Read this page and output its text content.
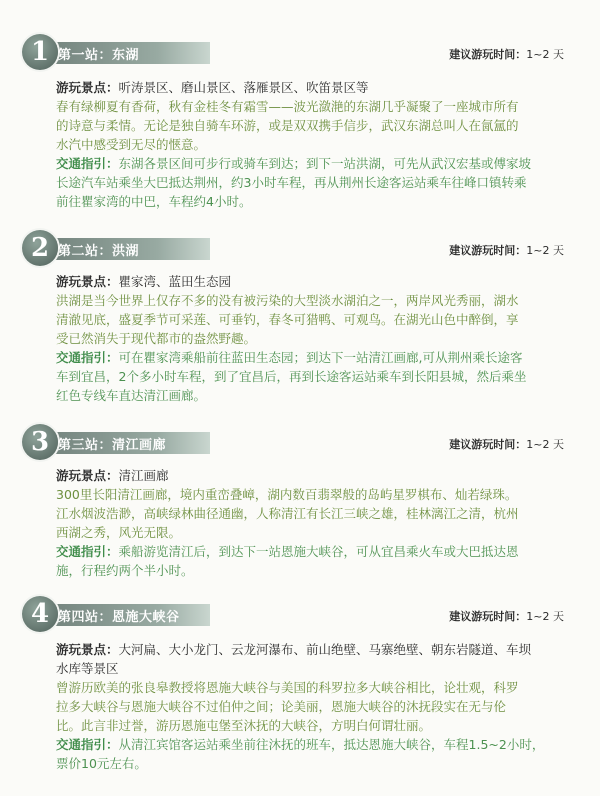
1 第一站：东湖	建议游玩时间：1~2 天
游玩景点：听涛景区、磨山景区、落雁景区、吹笛景区等
春有绿柳夏有香荷，秋有金桂冬有霜雪——波光潋滟的东湖几乎凝聚了一座城市所有
的诗意与柔情。无论是独自骑车环游，或是双双携手信步，武汉东湖总叫人在氤氲的
水汽中感受到无尽的惬意。
交通指引：东湖各景区间可步行或骑车到达；到下一站洪湖，可先从武汉宏基或傅家坡
长途汽车站乘坐大巴抵达荆州，约3小时车程，再从荆州长途客运站乘车往峰口镇转乘
前往瞿家湾的中巴，车程约4小时。
2 第二站：洪湖	建议游玩时间：1~2 天
游玩景点：瞿家湾、蓝田生态园
洪湖是当今世界上仅存不多的没有被污染的大型淡水湖泊之一，两岸风光秀丽，湖水
清澈见底，盛夏季节可采莲、可垂钓，春冬可猎鸭、可观鸟。在湖光山色中醉倒，享
受已然消失于现代都市的盎然野趣。
交通指引：可在瞿家湾乘船前往蓝田生态园；到达下一站清江画廊,可从荆州乘长途客
车到宜昌，2个多小时车程，到了宜昌后，再到长途客运站乘车到长阳县城，然后乘坐
红色专线车直达清江画廊。
3 第三站：清江画廊	建议游玩时间：1~2 天
游玩景点：清江画廊
300里长阳清江画廊，境内重峦叠嶂，湖内数百翡翠般的岛屿星罗棋布、灿若绿珠。
江水烟波浩渺，高峡绿林曲径通幽，人称清江有长江三峡之雄，桂林漓江之清，杭州
西湖之秀，风光无限。
交通指引：乘船游览清江后，到达下一站恩施大峡谷，可从宜昌乘火车或大巴抵达恩
施，行程约两个半小时。
4 第四站：恩施大峡谷	建议游玩时间：1~2 天
游玩景点：大河扁、大小龙门、云龙河瀑布、前山绝壁、马寨绝壁、朝东岩隧道、车坝
水库等景区
曾游历欧美的张良皋教授将恩施大峡谷与美国的科罗拉多大峡谷相比，论壮观，科罗
拉多大峡谷与恩施大峡谷不过伯仲之间；论美丽，恩施大峡谷的沐抚段实在无与伦
比。此言非过誉，游历恩施屯堡至沐抚的大峡谷，方明白何谓壮丽。
交通指引：从清江宾馆客运站乘坐前往沐抚的班车，抵达恩施大峡谷，车程1.5~2小时，
票价10元左右。
